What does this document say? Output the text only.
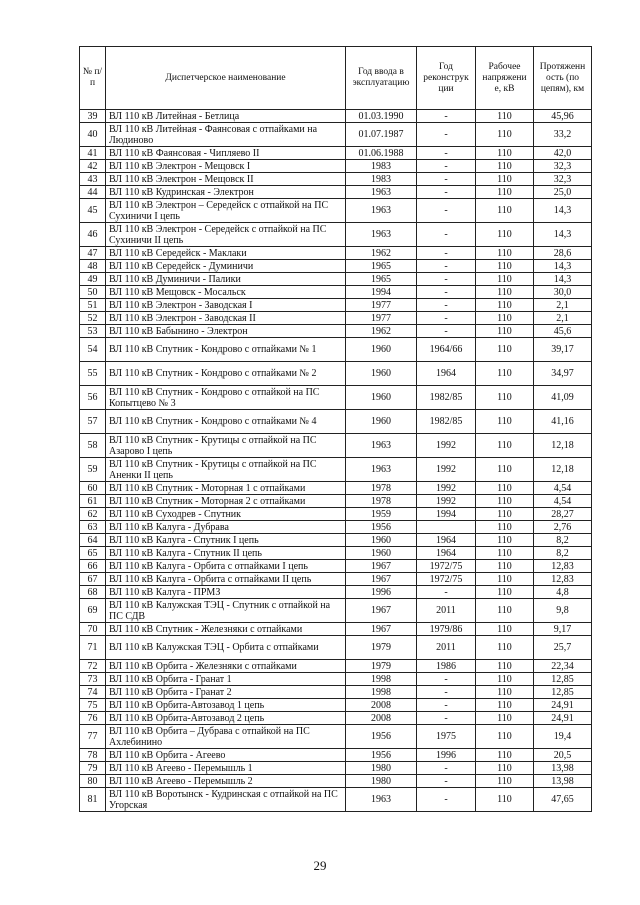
№ п/п	Диспетчерское наименование	Год ввода в эксплуатацию	Год реконструк ции	Рабочее напряжени е, кВ	Протяженн ость (по цепям), км
39	ВЛ 110 кВ Литейная - Бетлица	01.03.1990	-	110	45,96
40	ВЛ 110 кВ Литейная - Фаянсовая с отпайками на Людиново	01.07.1987	-	110	33,2
41	ВЛ 110 кВ Фаянсовая - Чипляево II	01.06.1988	-	110	42,0
42	ВЛ 110 кВ Электрон - Мещовск I	1983	-	110	32,3
43	ВЛ 110 кВ Электрон - Мещовск II	1983	-	110	32,3
44	ВЛ 110 кВ Кудринская - Электрон	1963	-	110	25,0
45	ВЛ 110 кВ Электрон – Середейск с отпайкой на ПС Сухиничи I цепь	1963	-	110	14,3
46	ВЛ 110 кВ Электрон - Середейск с отпайкой на ПС Сухиничи II цепь	1963	-	110	14,3
47	ВЛ 110 кВ Середейск - Маклаки	1962	-	110	28,6
48	ВЛ 110 кВ Середейск - Думиничи	1965	-	110	14,3
49	ВЛ 110 кВ Думиничи - Палики	1965	-	110	14,3
50	ВЛ 110 кВ Мещовск - Мосальск	1994	-	110	30,0
51	ВЛ 110 кВ Электрон - Заводская I	1977	-	110	2,1
52	ВЛ 110 кВ Электрон - Заводская II	1977	-	110	2,1
53	ВЛ 110 кВ Бабынино - Электрон	1962	-	110	45,6
54	ВЛ 110 кВ Спутник - Кондрово с отпайками № 1	1960	1964/66	110	39,17
55	ВЛ 110 кВ Спутник - Кондрово с отпайками № 2	1960	1964	110	34,97
56	ВЛ 110 кВ Спутник - Кондрово с отпайкой на ПС Копытцево № 3	1960	1982/85	110	41,09
57	ВЛ 110 кВ Спутник - Кондрово с отпайками № 4	1960	1982/85	110	41,16
58	ВЛ 110 кВ Спутник - Крутицы с отпайкой на ПС Азарово I цепь	1963	1992	110	12,18
59	ВЛ 110 кВ Спутник - Крутицы с отпайкой на ПС Аненки II цепь	1963	1992	110	12,18
60	ВЛ 110 кВ Спутник - Моторная 1 с отпайками	1978	1992	110	4,54
61	ВЛ 110 кВ Спутник - Моторная 2 с отпайками	1978	1992	110	4,54
62	ВЛ 110 кВ Суходрев - Спутник	1959	1994	110	28,27
63	ВЛ 110 кВ Калуга - Дубрава	1956		110	2,76
64	ВЛ 110 кВ Калуга - Спутник I цепь	1960	1964	110	8,2
65	ВЛ 110 кВ Калуга - Спутник II цепь	1960	1964	110	8,2
66	ВЛ 110 кВ Калуга - Орбита с отпайками I цепь	1967	1972/75	110	12,83
67	ВЛ 110 кВ Калуга - Орбита с отпайками II цепь	1967	1972/75	110	12,83
68	ВЛ 110 кВ Калуга - ПРМЗ	1996	-	110	4,8
69	ВЛ 110 кВ Калужская ТЭЦ - Спутник с отпайкой на ПС СДВ	1967	2011	110	9,8
70	ВЛ 110 кВ Спутник - Железняки с отпайками	1967	1979/86	110	9,17
71	ВЛ 110 кВ Калужская ТЭЦ - Орбита с отпайками	1979	2011	110	25,7
72	ВЛ 110 кВ Орбита - Железняки с отпайками	1979	1986	110	22,34
73	ВЛ 110 кВ Орбита - Гранат 1	1998	-	110	12,85
74	ВЛ 110 кВ Орбита - Гранат 2	1998	-	110	12,85
75	ВЛ 110 кВ Орбита-Автозавод 1 цепь	2008	-	110	24,91
76	ВЛ 110 кВ Орбита-Автозавод 2 цепь	2008	-	110	24,91
77	ВЛ 110 кВ Орбита – Дубрава с отпайкой на ПС Ахлебинино	1956	1975	110	19,4
78	ВЛ 110 кВ Орбита - Агеево	1956	1996	110	20,5
79	ВЛ 110 кВ Агеево - Перемышль 1	1980	-	110	13,98
80	ВЛ 110 кВ Агеево - Перемышль 2	1980	-	110	13,98
81	ВЛ 110 кВ Воротынск - Кудринская с отпайкой на ПС Угорская	1963	-	110	47,65
29
